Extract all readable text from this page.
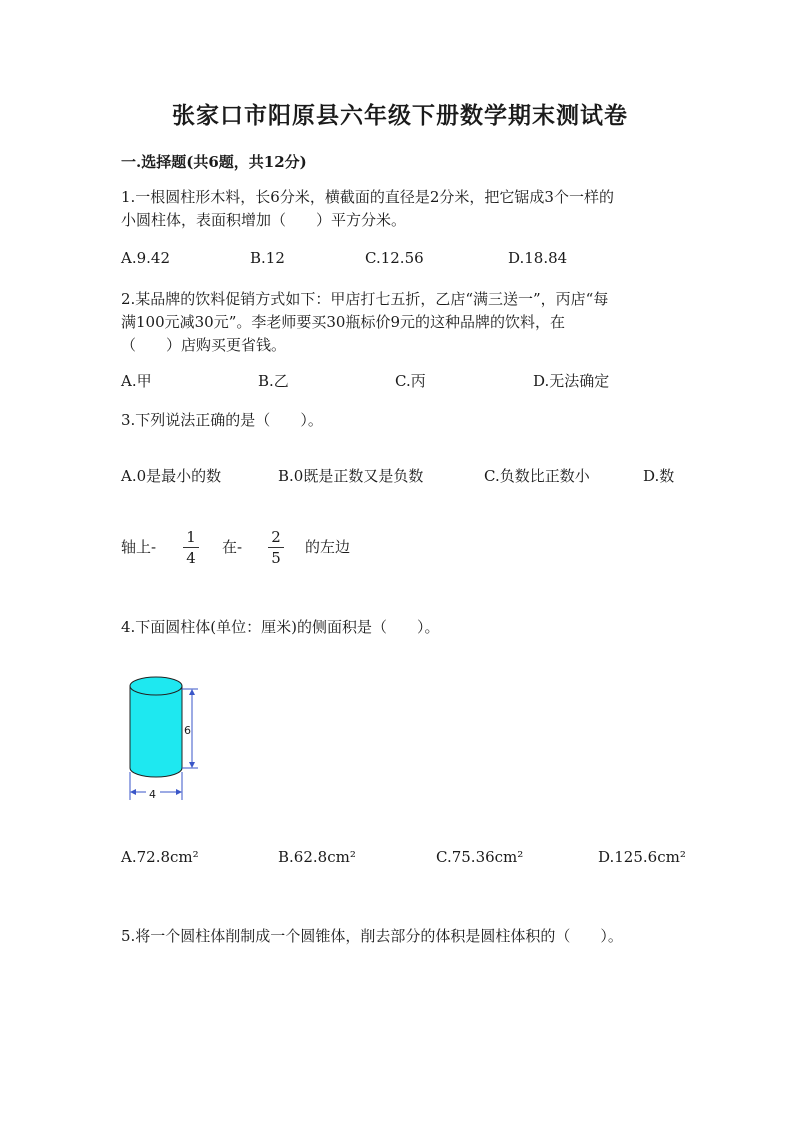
张家口市阳原县六年级下册数学期末测试卷
一.选择题(共6题，共12分)
1.一根圆柱形木料，长6分米，横截面的直径是2分米，把它锯成3个一样的
小圆柱体，表面积增加（　　）平方分米。
A.9.42	B.12	C.12.56	D.18.84
2.某品牌的饮料促销方式如下：甲店打七五折，乙店“满三送一”，丙店“每
满100元减30元”。李老师要买30瓶标价9元的这种品牌的饮料，在
（　　）店购买更省钱。
A.甲	B.乙	C.丙	D.无法确定
3.下列说法正确的是（　　）。
A.0是最小的数	B.0既是正数又是负数	C.负数比正数小	D.数
轴上-
1
4
在-
2
5
的左边
4.下面圆柱体(单位：厘米)的侧面积是（　　）。
6
4
A.72.8cm²	B.62.8cm²	C.75.36cm²	D.125.6cm²
5.将一个圆柱体削制成一个圆锥体，削去部分的体积是圆柱体积的（　　）。
